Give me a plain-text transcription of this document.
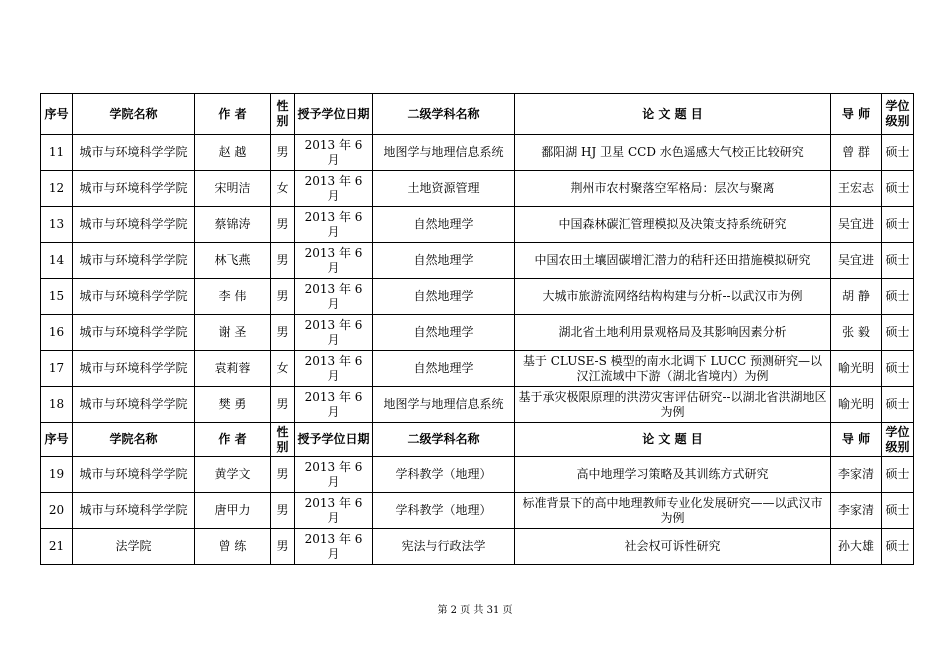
序号	学院名称	作 者	性别	授予学位日期	二级学科名称	论 文 题 目	导 师	学位级别
11	城市与环境科学学院	赵 越	男	2013 年 6 月	地图学与地理信息系统	鄱阳湖 HJ 卫星 CCD 水色遥感大气校正比较研究	曾 群	硕士
12	城市与环境科学学院	宋明洁	女	2013 年 6 月	土地资源管理	荆州市农村聚落空军格局：层次与聚离	王宏志	硕士
13	城市与环境科学学院	蔡锦涛	男	2013 年 6 月	自然地理学	中国森林碳汇管理模拟及决策支持系统研究	吴宜进	硕士
14	城市与环境科学学院	林飞燕	男	2013 年 6 月	自然地理学	中国农田土壤固碳增汇潜力的秸秆还田措施模拟研究	吴宜进	硕士
15	城市与环境科学学院	李 伟	男	2013 年 6 月	自然地理学	大城市旅游流网络结构构建与分析--以武汉市为例	胡 静	硕士
16	城市与环境科学学院	谢 圣	男	2013 年 6 月	自然地理学	湖北省土地利用景观格局及其影响因素分析	张 毅	硕士
17	城市与环境科学学院	袁莉蓉	女	2013 年 6 月	自然地理学	基于 CLUSE-S 模型的南水北调下 LUCC 预测研究—以汉江流域中下游（湖北省境内）为例	喻光明	硕士
18	城市与环境科学学院	樊 勇	男	2013 年 6 月	地图学与地理信息系统	基于承灾极限原理的洪涝灾害评估研究--以湖北省洪湖地区为例	喻光明	硕士
序号	学院名称	作 者	性别	授予学位日期	二级学科名称	论 文 题 目	导 师	学位级别
19	城市与环境科学学院	黄学文	男	2013 年 6 月	学科教学（地理）	高中地理学习策略及其训练方式研究	李家清	硕士
20	城市与环境科学学院	唐甲力	男	2013 年 6 月	学科教学（地理）	标准背景下的高中地理教师专业化发展研究——以武汉市为例	李家清	硕士
21	法学院	曾 练	男	2013 年 6 月	宪法与行政法学	社会权可诉性研究	孙大雄	硕士
第 2 页 共 31 页
